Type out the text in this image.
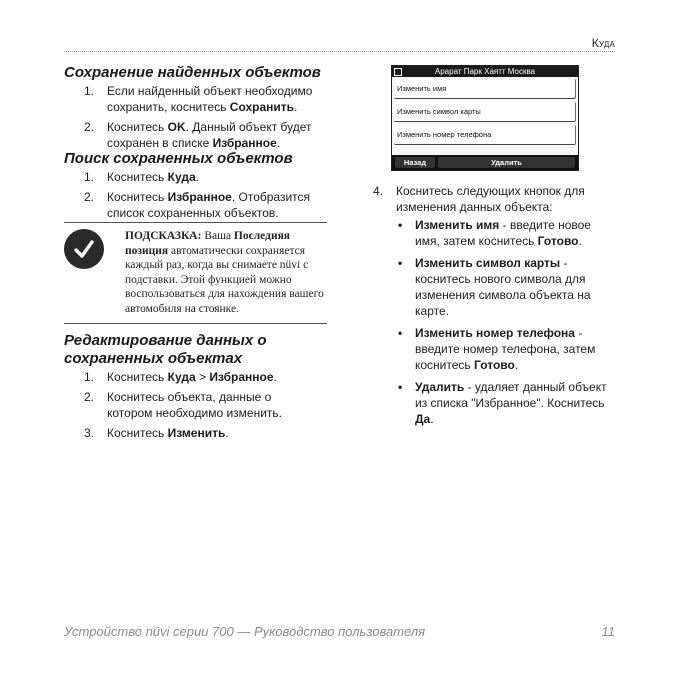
Куда
Сохранение найденных объектов
1. Если найденный объект необходимо сохранить, коснитесь Сохранить.
2. Коснитесь OK. Данный объект будет сохранен в списке Избранное.
Поиск сохраненных объектов
1. Коснитесь Куда.
2. Коснитесь Избранное. Отобразится список сохраненных объектов.
ПОДСКАЗКА: Ваша Последняя позиция автоматически сохраняется каждый раз, когда вы снимаете nüvi с подставки. Этой функцией можно воспользоваться для нахождения вашего автомобиля на стоянке.
Редактирование данных о сохраненных объектах
1. Коснитесь Куда > Избранное.
2. Коснитесь объекта, данные о котором необходимо изменить.
3. Коснитесь Изменить.
Арарат Парк Хаятт Москва
Изменить имя
Изменить символ карты
Изменить номер телефона
Назад	Удалить
4. Коснитесь следующих кнопок для изменения данных объекта:
• Изменить имя - введите новое имя, затем коснитесь Готово.
• Изменить символ карты - коснитесь нового символа для изменения символа объекта на карте.
• Изменить номер телефона - введите номер телефона, затем коснитесь Готово.
• Удалить - удаляет данный объект из списка "Избранное". Коснитесь Да.
Устройство nüvi серии 700 — Руководство пользователя	11
